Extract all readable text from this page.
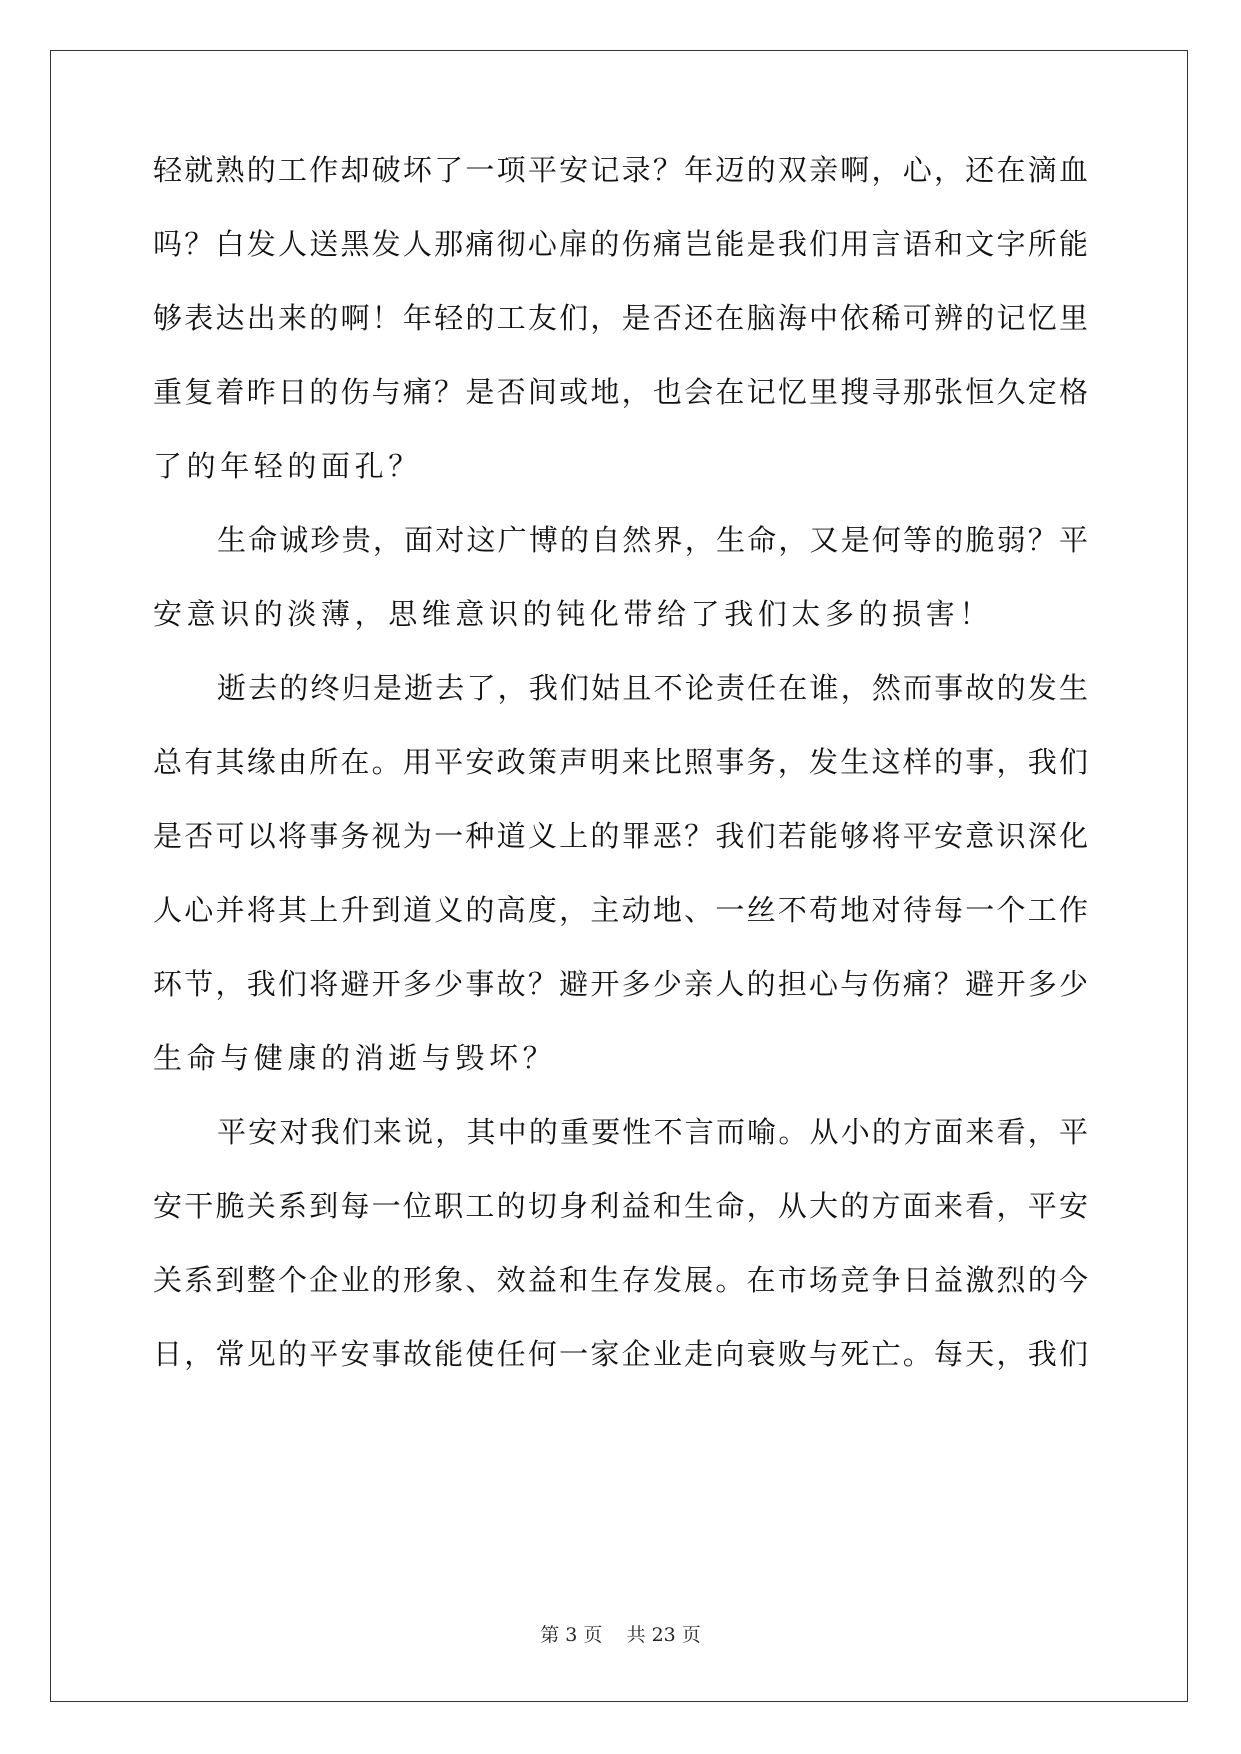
轻就熟的工作却破坏了一项平安记录？年迈的双亲啊，心，还在滴血
吗？白发人送黑发人那痛彻心扉的伤痛岂能是我们用言语和文字所能
够表达出来的啊！年轻的工友们，是否还在脑海中依稀可辨的记忆里
重复着昨日的伤与痛？是否间或地，也会在记忆里搜寻那张恒久定格
了的年轻的面孔？
生命诚珍贵，面对这广博的自然界，生命，又是何等的脆弱？平
安意识的淡薄，思维意识的钝化带给了我们太多的损害！
逝去的终归是逝去了，我们姑且不论责任在谁，然而事故的发生
总有其缘由所在。用平安政策声明来比照事务，发生这样的事，我们
是否可以将事务视为一种道义上的罪恶？我们若能够将平安意识深化
人心并将其上升到道义的高度，主动地、一丝不苟地对待每一个工作
环节，我们将避开多少事故？避开多少亲人的担心与伤痛？避开多少
生命与健康的消逝与毁坏？
平安对我们来说，其中的重要性不言而喻。从小的方面来看，平
安干脆关系到每一位职工的切身利益和生命，从大的方面来看，平安
关系到整个企业的形象、效益和生存发展。在市场竞争日益激烈的今
日，常见的平安事故能使任何一家企业走向衰败与死亡。每天，我们
第 3 页    共 23 页
